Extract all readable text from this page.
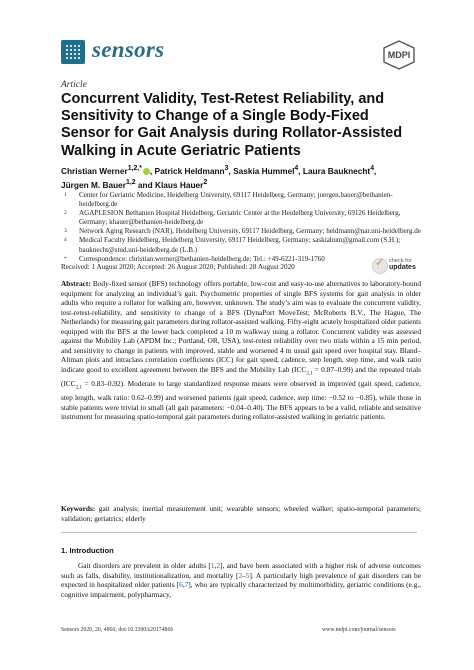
sensors	MDPI
Article
Concurrent Validity, Test-Retest Reliability, and Sensitivity to Change of a Single Body-Fixed Sensor for Gait Analysis during Rollator-Assisted Walking in Acute Geriatric Patients
Christian Werner$^{1,2,*}$ , Patrick Heldmann$^3$, Saskia Hummel$^4$, Laura Bauknecht$^4$,
Jürgen M. Bauer$^{1,2}$ and Klaus Hauer$^2$
1 Center for Geriatric Medicine, Heidelberg University, 69117 Heidelberg, Germany; juergen.bauer@bethanien-heidelberg.de
2 AGAPLESION Bethanien Hospital Heidelberg, Geriatric Center at the Heidelberg University, 69126 Heidelberg, Germany; khauer@bethanien-heidelberg.de
3 Network Aging Research (NAR), Heidelberg University, 69117 Heidelberg, Germany; heldmann@nar.uni-heidelberg.de
4 Medical Faculty Heidelberg, Heidelberg University, 69117 Heidelberg, Germany; saskiahum@gmail.com (S.H.); bauknecht@stud.uni-heidelberg.de (L.B.)
* Correspondence: christian.werner@bethanien-heidelberg.de; Tel.: +49-6221-319-1760	✓ check for
updates
Received: 1 August 2020; Accepted: 26 August 2020; Published: 28 August 2020
Abstract: Body-fixed sensor (BFS) technology offers portable, low-cost and easy-to-use alternatives to laboratory-bound equipment for analyzing an individual’s gait. Psychometric properties of single BFS systems for gait analysis in older adults who require a rollator for walking are, however, unknown. The study’s aim was to evaluate the concurrent validity, test-retest-reliability, and sensitivity to change of a BFS (DynaPort MoveTest; McRoberts B.V., The Hague, The Netherlands) for measuring gait parameters during rollator-assisted walking. Fifty-eight acutely hospitalized older patients equipped with the BFS at the lower back completed a 10 m walkway using a rollator. Concurrent validity was assessed against the Mobility Lab (APDM Inc.; Portland, OR, USA), test-retest reliability over two trials within a 15 min period, and sensitivity to change in patients with improved, stable and worsened 4 m usual gait speed over hospital stay. Bland–Altman plots and intraclass correlation coefficients (ICC) for gait speed, cadence, step length, step time, and walk ratio indicate good to excellent agreement between the BFS and the Mobility Lab $(ICC_{2,1} = 0.87-0.99)$ and the repeated trials $(ICC_{2,1} = 0.83-0.92)$. Moderate to large standardized response means were observed in improved (gait speed, cadence, step length, walk ratio: 0.62–0.99) and worsened patients (gait speed, cadence, step time: −0.52 to −0.85), while those in stable patients were trivial to small (all gait parameters: −0.04–0.40). The BFS appears to be a valid, reliable and sensitive instrument for measuring spatio-temporal gait parameters during rollator-assisted walking in geriatric patients.
Keywords: gait analysis; inertial measurement unit; wearable sensors; wheeled walker; spatio-temporal parameters; validation; geriatrics; elderly
1. Introduction
Gait disorders are prevalent in older adults [1,2], and have been associated with a higher risk of adverse outcomes such as falls, disability, institutionalization, and mortality [2–5]. A particularly high prevalence of gait disorders can be expected in hospitalized older patients [6,7], who are typically characterized by multimorbidity, geriatric conditions (e.g., cognitive impairment, polypharmacy,
Sensors 2020, 20, 4866; doi:10.3390/s20174866	www.mdpi.com/journal/sensors
